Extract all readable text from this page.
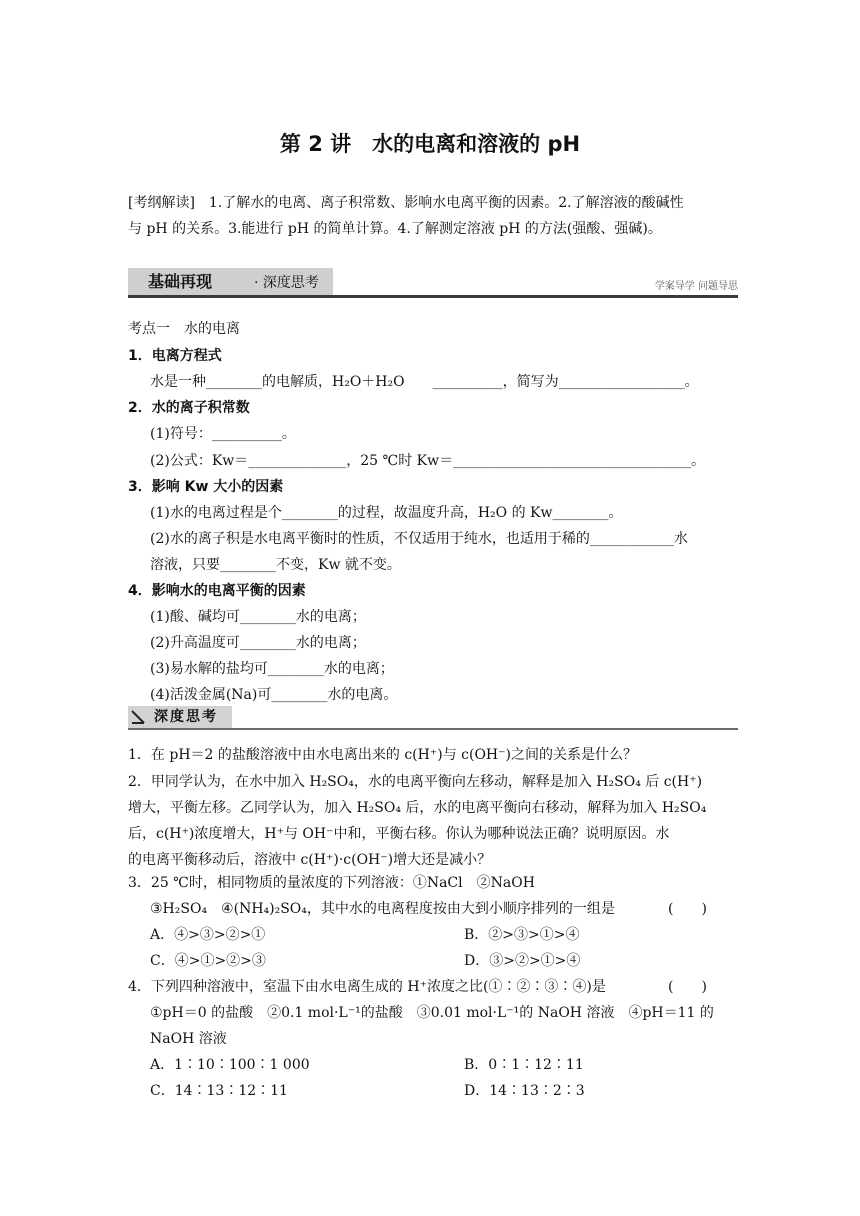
第 2 讲　水的电离和溶液的 pH
[考纲解读]　1.了解水的电离、离子积常数、影响水电离平衡的因素。2.了解溶液的酸碱性
与 pH 的关系。3.能进行 pH 的简单计算。4.了解测定溶液 pH 的方法(强酸、强碱)。
基础再现	· 深度思考	学案导学 问题导思
考点一　水的电离
1．电离方程式
水是一种________的电解质，H₂O＋H₂O　　__________，简写为__________________。
2．水的离子积常数
(1)符号：__________。
(2)公式：Kw＝______________，25 ℃时 Kw＝__________________________________。
3．影响 Kw 大小的因素
(1)水的电离过程是个________的过程，故温度升高，H₂O 的 Kw________。
(2)水的离子积是水电离平衡时的性质，不仅适用于纯水，也适用于稀的____________水
溶液，只要________不变，Kw 就不变。
4．影响水的电离平衡的因素
(1)酸、碱均可________水的电离；
(2)升高温度可________水的电离；
(3)易水解的盐均可________水的电离；
(4)活泼金属(Na)可________水的电离。
深度思考
1．在 pH＝2 的盐酸溶液中由水电离出来的 c(H⁺)与 c(OH⁻)之间的关系是什么？
2．甲同学认为，在水中加入 H₂SO₄，水的电离平衡向左移动，解释是加入 H₂SO₄ 后 c(H⁺)
增大，平衡左移。乙同学认为，加入 H₂SO₄ 后，水的电离平衡向右移动，解释为加入 H₂SO₄
后，c(H⁺)浓度增大，H⁺与 OH⁻中和，平衡右移。你认为哪种说法正确？说明原因。水
的电离平衡移动后，溶液中 c(H⁺)·c(OH⁻)增大还是减小？
3．25 ℃时，相同物质的量浓度的下列溶液：①NaCl　②NaOH
③H₂SO₄　④(NH₄)₂SO₄，其中水的电离程度按由大到小顺序排列的一组是	(　　)
A．④>③>②>①	B．②>③>①>④
C．④>①>②>③	D．③>②>①>④
4．下列四种溶液中，室温下由水电离生成的 H⁺浓度之比(①∶②∶③∶④)是	(　　)
①pH＝0 的盐酸　②0.1 mol·L⁻¹的盐酸　③0.01 mol·L⁻¹的 NaOH 溶液　④pH＝11 的
NaOH 溶液
A．1∶10∶100∶1 000	B．0∶1∶12∶11
C．14∶13∶12∶11	D．14∶13∶2∶3
